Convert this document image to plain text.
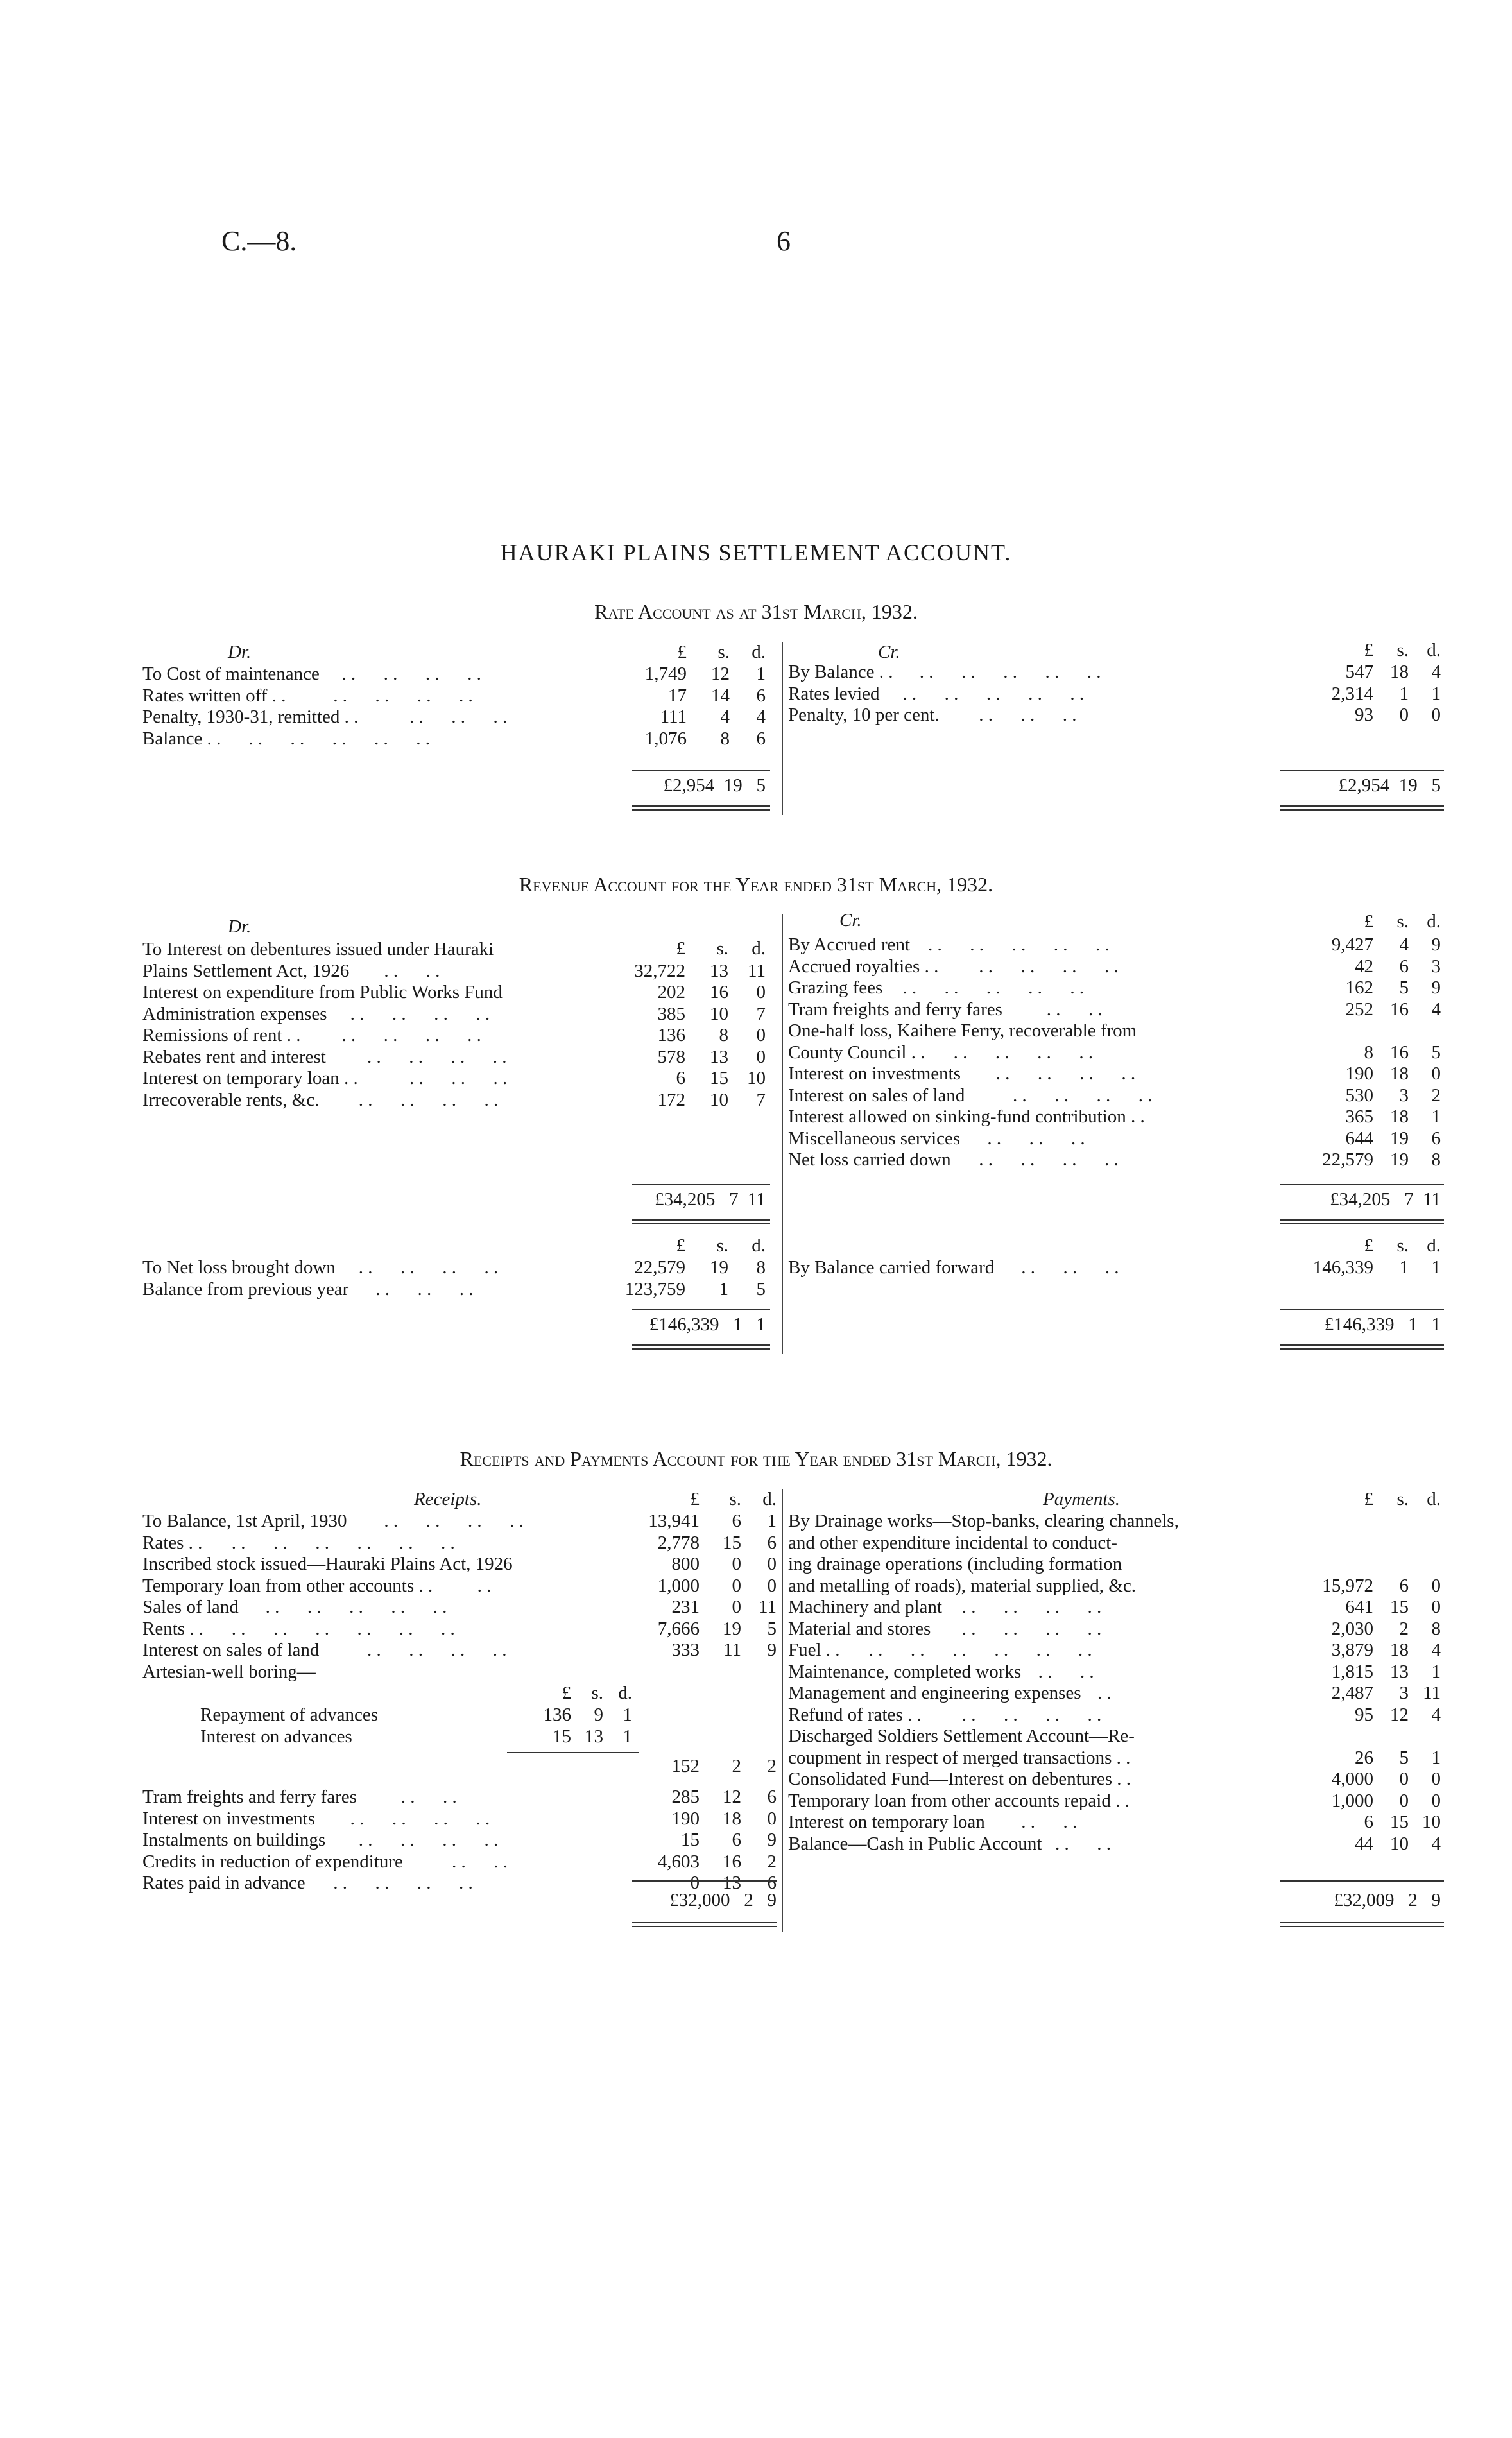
C.—8.	6
HAURAKI PLAINS SETTLEMENT ACCOUNT.
Rate Account as at 31st March, 1932.
Dr.	Cr.
£	s.	d.	£	s. d.
To Cost of maintenance . .      . .      . .      . .	1,749	12	1
Rates written off . .	. .      . .      . .      . .	17	14	6
Penalty, 1930-31, remitted . .	. .      . .      . .	111	4	4
Balance . . . .      . .      . .      . .      . .	1,076	8	6
By Balance . . . .      . .      . .      . .      . .	547 18	4
Rates levied . .      . .      . .      . .      . .	2,314	1	1
Penalty, 10 per cent. . .      . .      . .	93	0	0
£2,954  19   5	£2,954  19   5
Revenue Account for the Year ended 31st March, 1932.
Dr.	Cr.
£	s.	d.
£	s. d.
To Interest on debentures issued under Hauraki
Plains Settlement Act, 1926 . .      . .	32,722	13	11
Interest on expenditure from Public Works Fund	202	16	0
Administration expenses . .      . .      . .      . .	385	10	7
Remissions of rent . . . .      . .      . .      . .	136	8	0
Rebates rent and interest . .      . .      . .      . .	578	13	0
Interest on temporary loan . .	. .      . .      . .	6	15	10
Irrecoverable rents, &c. . .      . .      . .      . .	172	10	7
By Accrued rent . .      . .      . .      . .      . .	9,427	4	9
Accrued royalties . . . .      . .      . .      . .	42	6	3
Grazing fees . .      . .      . .      . .      . .	162	5	9
Tram freights and ferry fares . .      . .	252 16	4
One-half loss, Kaihere Ferry, recoverable from
County Council . . . .      . .      . .      . .	8 16	5
Interest on investments . .      . .      . .      . .	190 18	0
Interest on sales of land	. .      . .      . .      . .	530	3	2
Interest allowed on sinking-fund contribution . .	365 18	1
Miscellaneous services . .      . .      . .	644 19	6
Net loss carried down . .      . .      . .      . .	22,579 19	8
£34,205   7  11	£34,205   7  11
£	s.	d.	£	s. d.
To Net loss brought down . .      . .      . .      . .	22,579	19	8
Balance from previous year . .      . .      . .	123,759	1	5
By Balance carried forward . .      . .      . .	146,339	1	1
£146,339   1   1	£146,339   1   1
Receipts and Payments Account for the Year ended 31st March, 1932.
Receipts.	Payments.
£	s.	d.	£	s. d.
To Balance, 1st April, 1930 . .      . .      . .      . .	13,941	6	1
Rates . . . .      . .      . .      . .      . .      . .	2,778	15	6
Inscribed stock issued—Hauraki Plains Act, 1926	800	0	0
Temporary loan from other accounts . . . .	1,000	0	0
Sales of land . .      . .      . .      . .      . .	231	0 11
Rents . . . .      . .      . .      . .      . .      . .	7,666	19	5
Interest on sales of land	. .      . .      . .      . .	333	11	9
Artesian-well boring—
£	s. d.
Repayment of advances	136	9	1
Interest on advances	15 13	1
152	2	2
Tram freights and ferry fares . .      . .	285	12	6
Interest on investments . .      . .      . .      . .	190	18	0
Instalments on buildings . .      . .      . .      . .	15	6	9
Credits in reduction of expenditure	. .      . .	4,603	16	2
Rates paid in advance . .      . .      . .      . .	0	13	6
By Drainage works—Stop-banks, clearing channels,
and other expenditure incidental to conduct-
ing drainage operations (including formation
and metalling of roads), material supplied, &c.	15,972	6	0
Machinery and plant . .      . .      . .      . .	641 15	0
Material and stores . .      . .      . .      . .	2,030	2	8
Fuel . . . .      . .      . .      . .      . .      . .	3,879 18	4
Maintenance, completed works . .      . .	1,815 13	1
Management and engineering expenses . .	2,487	3 11
Refund of rates . . . .      . .      . .      . .	95 12	4
Discharged Soldiers Settlement Account—Re-
coupment in respect of merged transactions . .	26	5	1
Consolidated Fund—Interest on debentures . .	4,000	0	0
Temporary loan from other accounts repaid . .	1,000	0	0
Interest on temporary loan . .      . .	6 15 10
Balance—Cash in Public Account . .      . .	44 10	4
£32,000   2   9	£32,009   2   9
